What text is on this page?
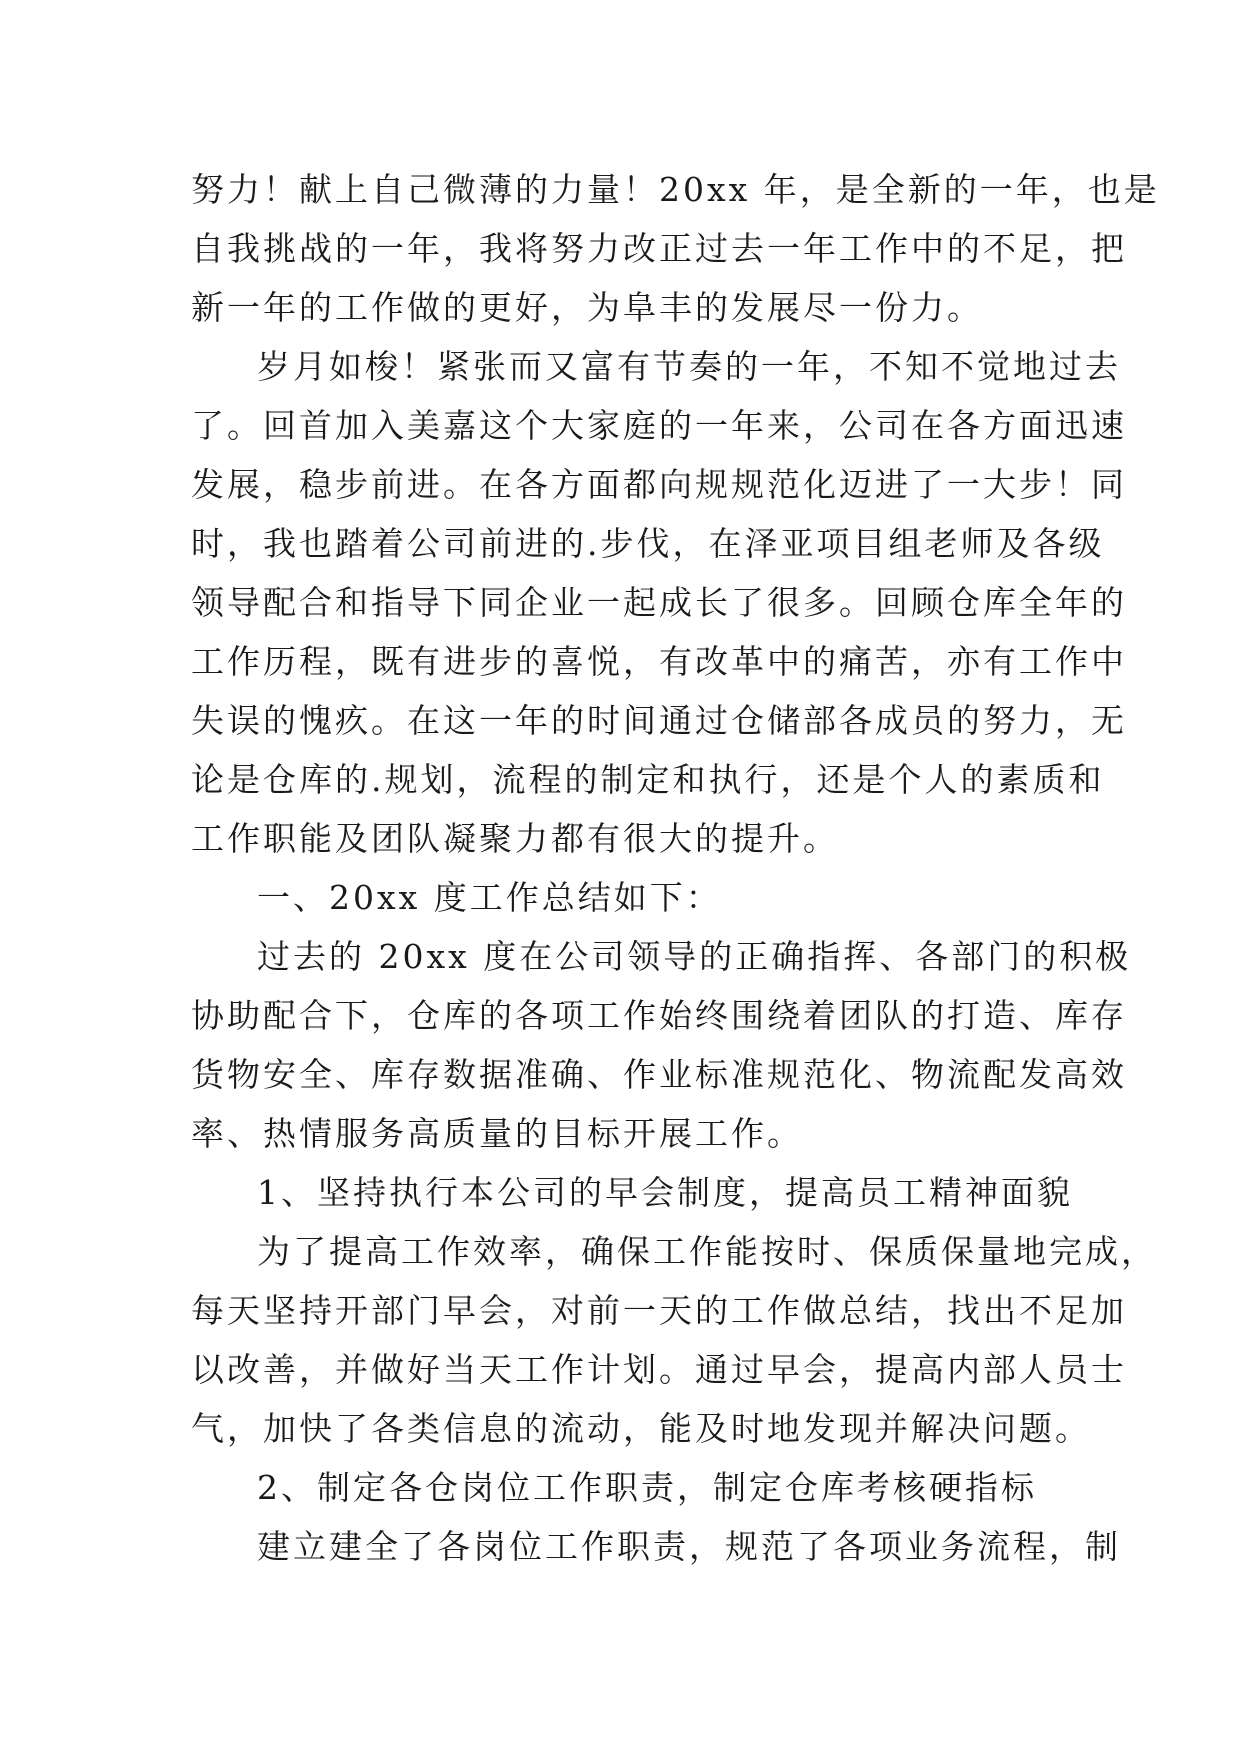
努力！献上自己微薄的力量！20xx 年，是全新的一年，也是
自我挑战的一年，我将努力改正过去一年工作中的不足，把
新一年的工作做的更好，为阜丰的发展尽一份力。

岁月如梭！紧张而又富有节奏的一年，不知不觉地过去
了。回首加入美嘉这个大家庭的一年来，公司在各方面迅速
发展，稳步前进。在各方面都向规规范化迈进了一大步！同
时，我也踏着公司前进的.步伐，在泽亚项目组老师及各级
领导配合和指导下同企业一起成长了很多。回顾仓库全年的
工作历程，既有进步的喜悦，有改革中的痛苦，亦有工作中
失误的愧疚。在这一年的时间通过仓储部各成员的努力，无
论是仓库的.规划，流程的制定和执行，还是个人的素质和
工作职能及团队凝聚力都有很大的提升。

一、20xx 度工作总结如下：

过去的 20xx 度在公司领导的正确指挥、各部门的积极
协助配合下，仓库的各项工作始终围绕着团队的打造、库存
货物安全、库存数据准确、作业标准规范化、物流配发高效
率、热情服务高质量的目标开展工作。

1、坚持执行本公司的早会制度，提高员工精神面貌

为了提高工作效率，确保工作能按时、保质保量地完成，
每天坚持开部门早会，对前一天的工作做总结，找出不足加
以改善，并做好当天工作计划。通过早会，提高内部人员士
气，加快了各类信息的流动，能及时地发现并解决问题。

2、制定各仓岗位工作职责，制定仓库考核硬指标

建立建全了各岗位工作职责，规范了各项业务流程，制
